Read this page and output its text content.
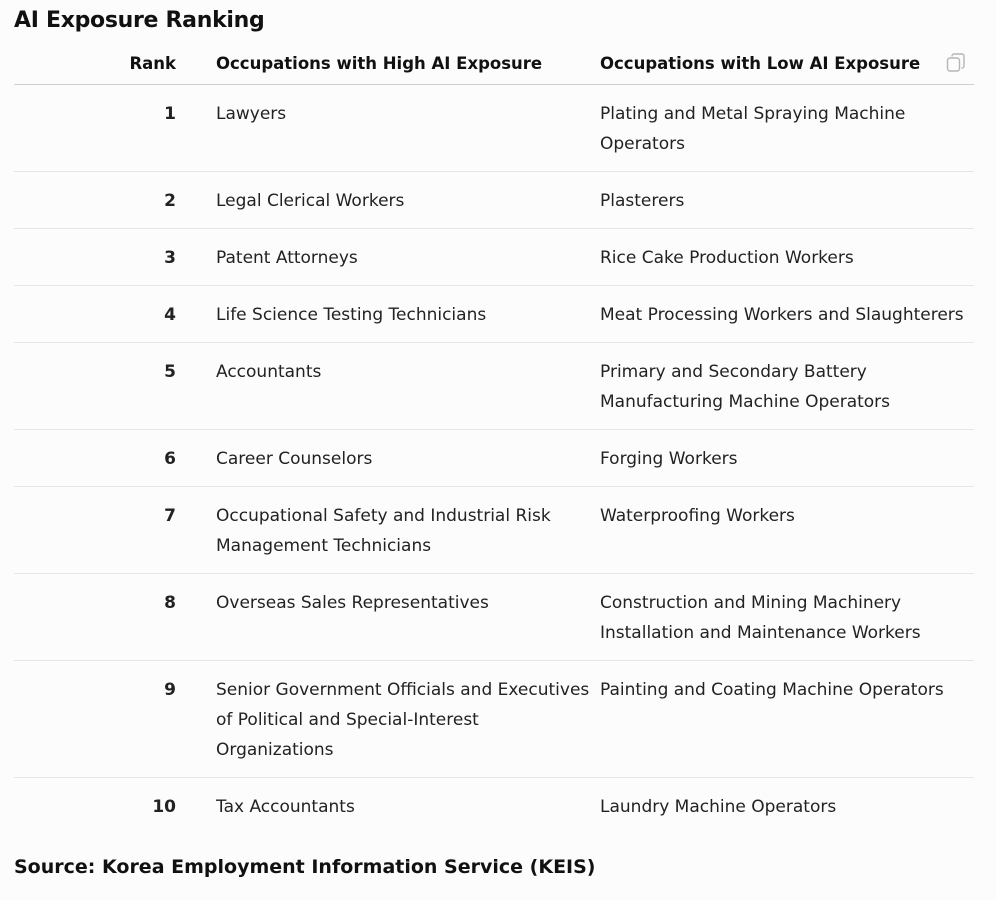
AI Exposure Ranking
Rank		Occupations with High AI Exposure		Occupations with Low AI Exposure
1		Lawyers		Plating and Metal Spraying Machine Operators
2		Legal Clerical Workers		Plasterers
3		Patent Attorneys		Rice Cake Production Workers
4		Life Science Testing Technicians		Meat Processing Workers and Slaughterers
5		Accountants		Primary and Secondary Battery Manufacturing Machine Operators
6		Career Counselors		Forging Workers
7		Occupational Safety and Industrial Risk Management Technicians		Waterproofing Workers
8		Overseas Sales Representatives		Construction and Mining Machinery Installation and Maintenance Workers
9		Senior Government Officials and Executives of Political and Special-Interest Organizations		Painting and Coating Machine Operators
10		Tax Accountants		Laundry Machine Operators
Source: Korea Employment Information Service (KEIS)
